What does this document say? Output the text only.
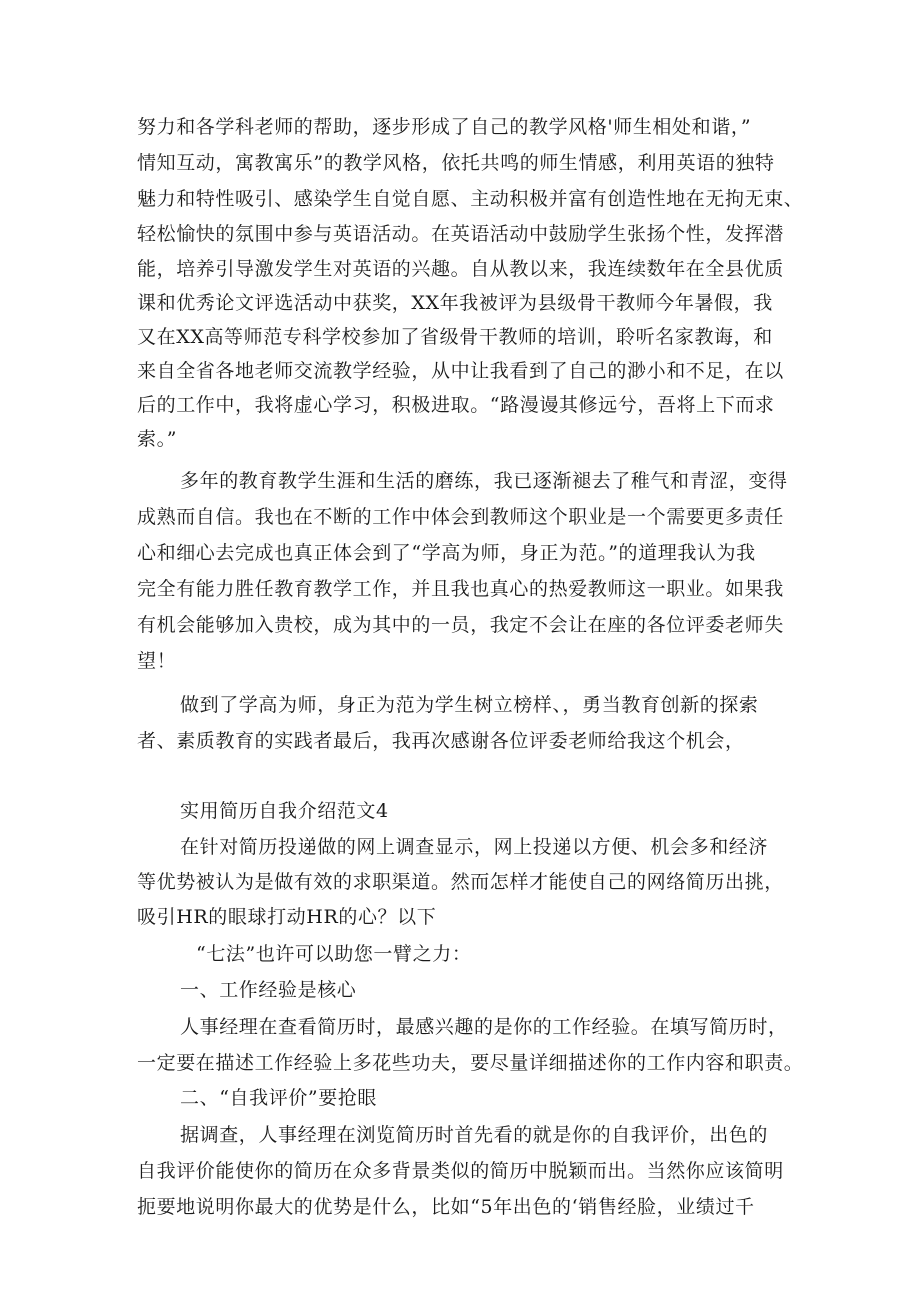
努力和各学科老师的帮助，逐步形成了自己的教学风格'师生相处和谐，”
情知互动，寓教寓乐”的教学风格，依托共鸣的师生情感，利用英语的独特
魅力和特性吸引、感染学生自觉自愿、主动积极并富有创造性地在无拘无束、
轻松愉快的氛围中参与英语活动。在英语活动中鼓励学生张扬个性，发挥潜
能，培养引导激发学生对英语的兴趣。自从教以来，我连续数年在全县优质
课和优秀论文评选活动中获奖，XX年我被评为县级骨干教师今年暑假，我
又在XX高等师范专科学校参加了省级骨干教师的培训，聆听名家教诲，和
来自全省各地老师交流教学经验，从中让我看到了自己的渺小和不足，在以
后的工作中，我将虚心学习，积极进取。“路漫谩其修远兮，吾将上下而求
索。”
多年的教育教学生涯和生活的磨练，我已逐渐褪去了稚气和青涩，变得
成熟而自信。我也在不断的工作中体会到教师这个职业是一个需要更多责任
心和细心去完成也真正体会到了“学高为师，身正为范。”的道理我认为我
完全有能力胜任教育教学工作，并且我也真心的热爱教师这一职业。如果我
有机会能够加入贵校，成为其中的一员，我定不会让在座的各位评委老师失
望！
做到了学高为师，身正为范为学生树立榜样、，勇当教育创新的探索
者、素质教育的实践者最后，我再次感谢各位评委老师给我这个机会，
实用简历自我介绍范文4
在针对简历投递做的网上调查显示，网上投递以方便、机会多和经济
等优势被认为是做有效的求职渠道。然而怎样才能使自己的网络简历出挑，
吸引HR的眼球打动HR的心？以下
“七法”也许可以助您一臂之力：
一、工作经验是核心
人事经理在查看简历时，最感兴趣的是你的工作经验。在填写简历时，
一定要在描述工作经验上多花些功夫，要尽量详细描述你的工作内容和职责。
二、“自我评价”要抢眼
据调查，人事经理在浏览简历时首先看的就是你的自我评价，出色的
自我评价能使你的简历在众多背景类似的简历中脱颖而出。当然你应该简明
扼要地说明你最大的优势是什么，比如“5年出色的‘销售经脸，业绩过千
